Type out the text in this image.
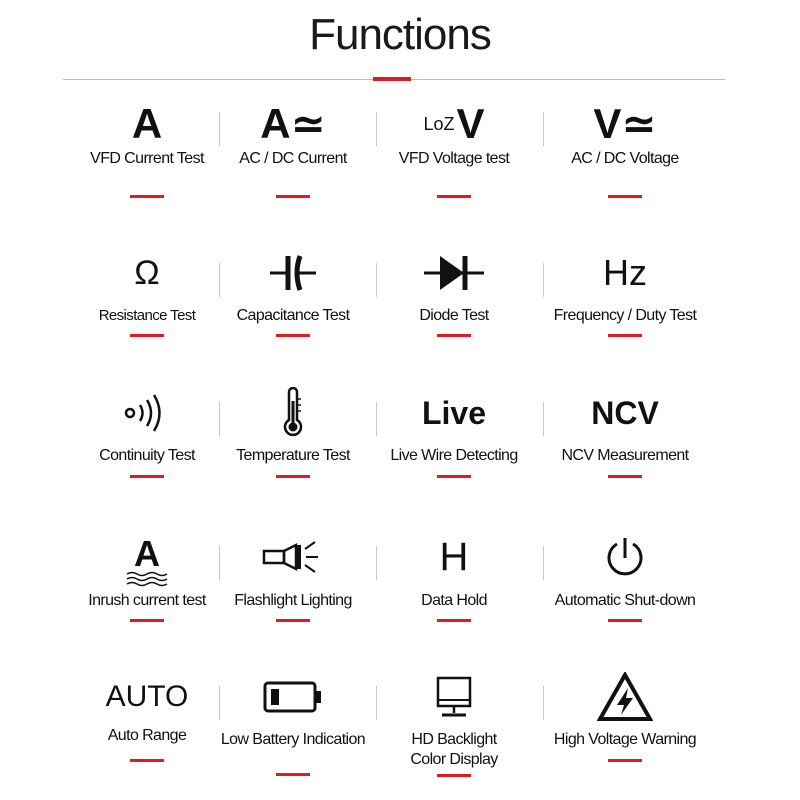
Functions
A
VFD Current Test
A≃
AC / DC Current
LoZ V
VFD Voltage test
V≃
AC / DC Voltage
Ω
Resistance Test	Capacitance Test	Diode Test
Hz
Frequency / Duty Test
Continuity Test	Temperature Test
Live
Live Wire Detecting
NCV
NCV Measurement
A
Inrush current test	Flashlight Lighting
H
Data Hold	Automatic Shut-down
AUTO
Auto Range	Low Battery Indication	HD Backlight
Color Display
High Voltage Warning
